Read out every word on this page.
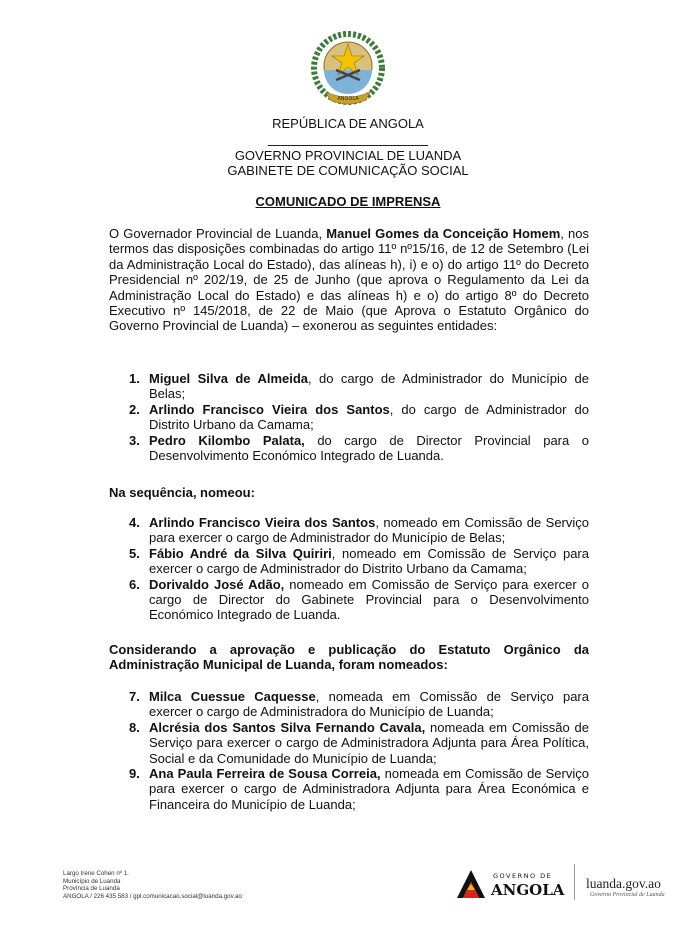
ANGOLA
REPÚBLICA DE ANGOLA
GOVERNO PROVINCIAL DE LUANDA
GABINETE DE COMUNICAÇÃO SOCIAL
COMUNICADO DE IMPRENSA
O Governador Provincial de Luanda, Manuel Gomes da Conceição Homem, nos termos das disposições combinadas do artigo 11º nº15/16, de 12 de Setembro (Lei da Administração Local do Estado), das alíneas h), i) e o) do artigo 11º do Decreto Presidencial nº 202/19, de 25 de Junho (que aprova o Regulamento da Lei da Administração Local do Estado) e das alíneas h) e o) do artigo 8º do Decreto Executivo nº 145/2018, de 22 de Maio (que Aprova o Estatuto Orgânico do Governo Provincial de Luanda) – exonerou as seguintes entidades:
1. Miguel Silva de Almeida, do cargo de Administrador do Município de Belas;
2. Arlindo Francisco Vieira dos Santos, do cargo de Administrador do Distrito Urbano da Camama;
3. Pedro Kilombo Palata, do cargo de Director Provincial para o Desenvolvimento Económico Integrado de Luanda.
Na sequência, nomeou:
4. Arlindo Francisco Vieira dos Santos, nomeado em Comissão de Serviço para exercer o cargo de Administrador do Município de Belas;
5. Fábio André da Silva Quiriri, nomeado em Comissão de Serviço para exercer o cargo de Administrador do Distrito Urbano da Camama;
6. Dorivaldo José Adão, nomeado em Comissão de Serviço para exercer o cargo de Director do Gabinete Provincial para o Desenvolvimento Económico Integrado de Luanda.
Considerando a aprovação e publicação do Estatuto Orgânico da Administração Municipal de Luanda, foram nomeados:
7. Milca Cuessue Caquesse, nomeada em Comissão de Serviço para exercer o cargo de Administradora do Município de Luanda;
8. Alcrésia dos Santos Silva Fernando Cavala, nomeada em Comissão de Serviço para exercer o cargo de Administradora Adjunta para Área Política, Social e da Comunidade do Município de Luanda;
9. Ana Paula Ferreira de Sousa Correia, nomeada em Comissão de Serviço para exercer o cargo de Administradora Adjunta para Área Económica e Financeira do Município de Luanda;
Largo Irene Cohen nº 1.
Município de Luanda
Província de Luanda
ANGOLA / 226 435 583 / gpl.comunicacao.social@luanda.gov.ao
GOVERNO DE
ANGOLA luanda.gov.ao
Governo Provincial de Luanda
